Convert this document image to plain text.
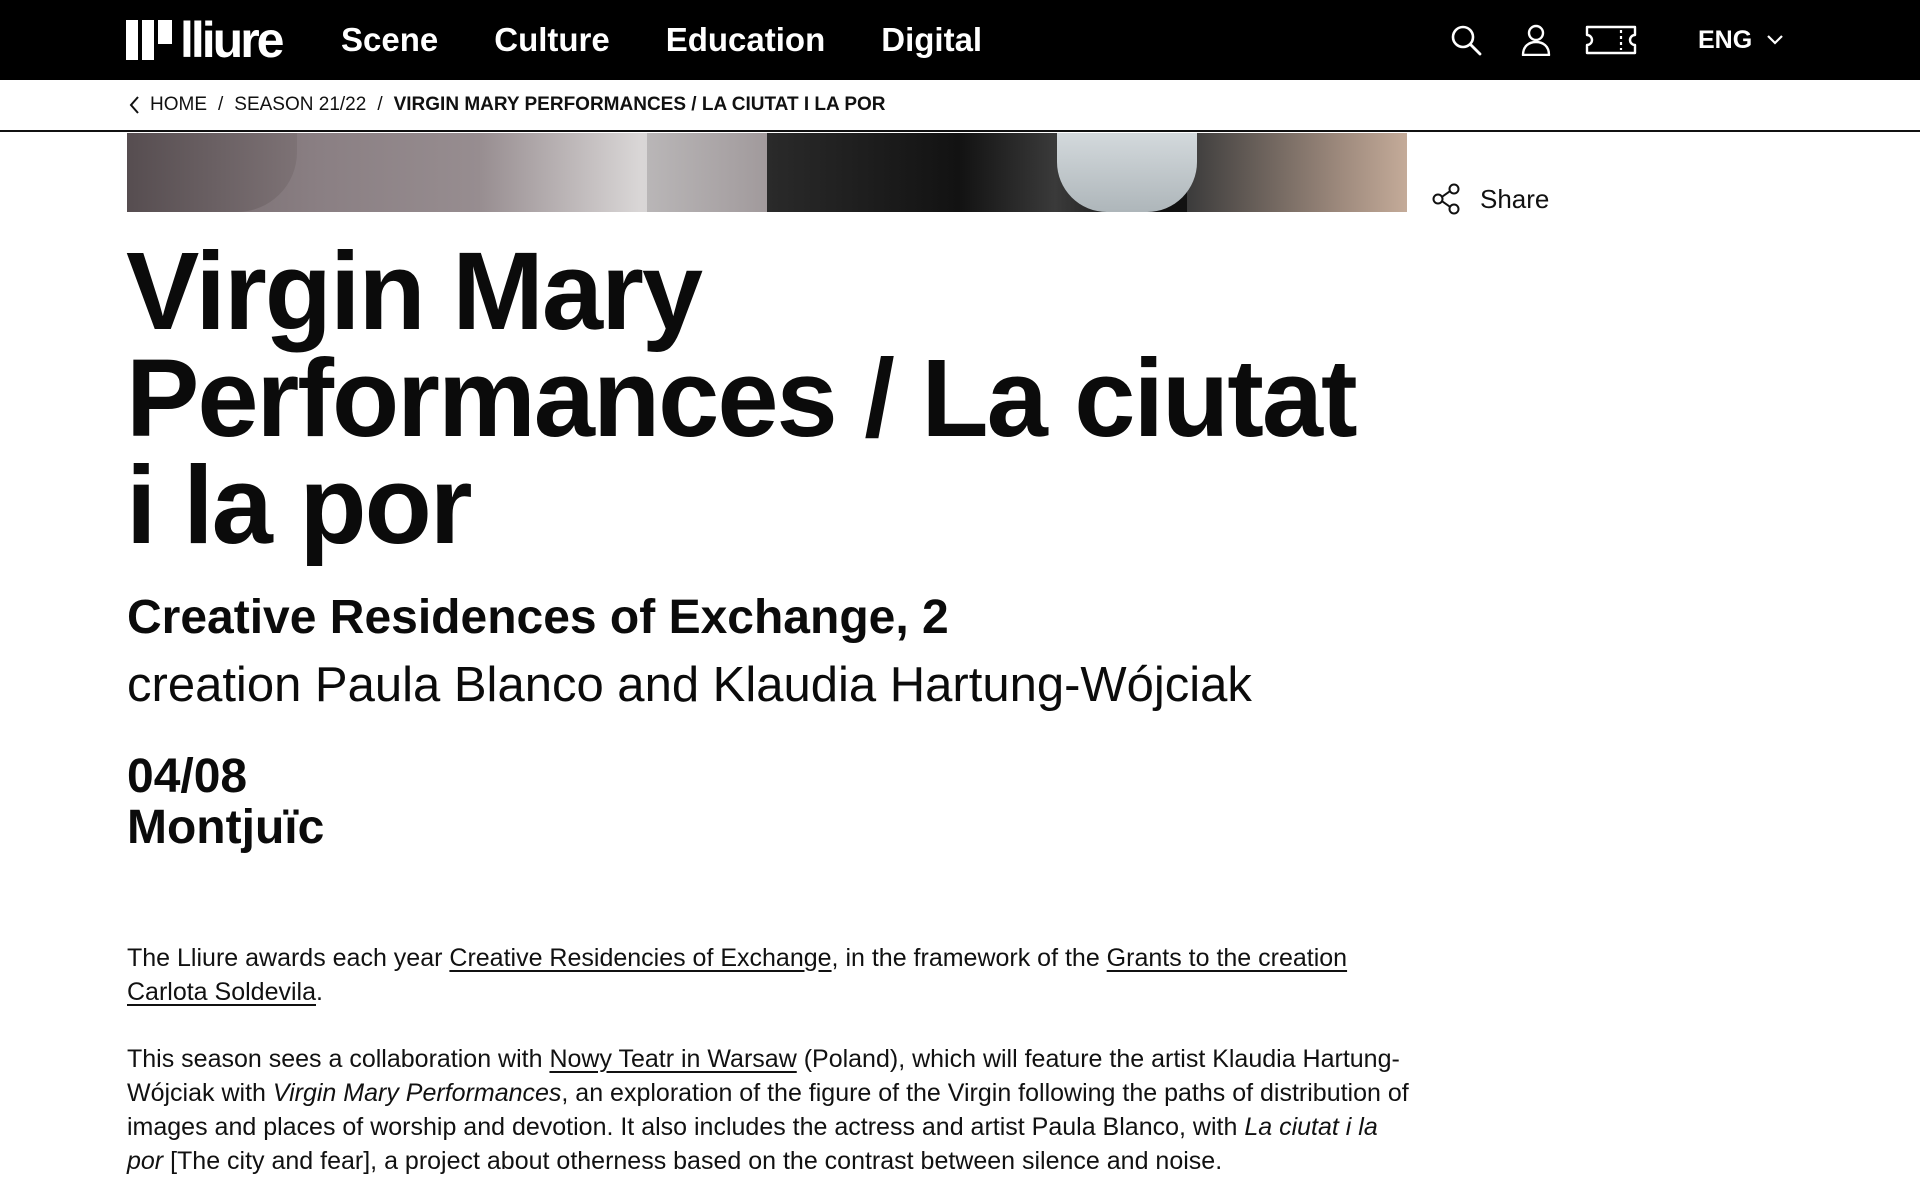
lliure Scene Culture Education Digital	ENG
HOME / SEASON 21/22 / VIRGIN MARY PERFORMANCES / LA CIUTAT I LA POR
Share
Virgin Mary
Performances / La ciutat
i la por
Creative Residences of Exchange, 2
creation Paula Blanco and Klaudia Hartung-Wójciak
04/08
Montjuïc

The Lliure awards each year Creative Residencies of Exchange, in the framework of the Grants to the creation Carlota Soldevila.

This season sees a collaboration with Nowy Teatr in Warsaw (Poland), which will feature the artist Klaudia Hartung-Wójciak with Virgin Mary Performances, an exploration of the figure of the Virgin following the paths of distribution of images and places of worship and devotion. It also includes the actress and artist Paula Blanco, with La ciutat i la por [The city and fear], a project about otherness based on the contrast between silence and noise.
